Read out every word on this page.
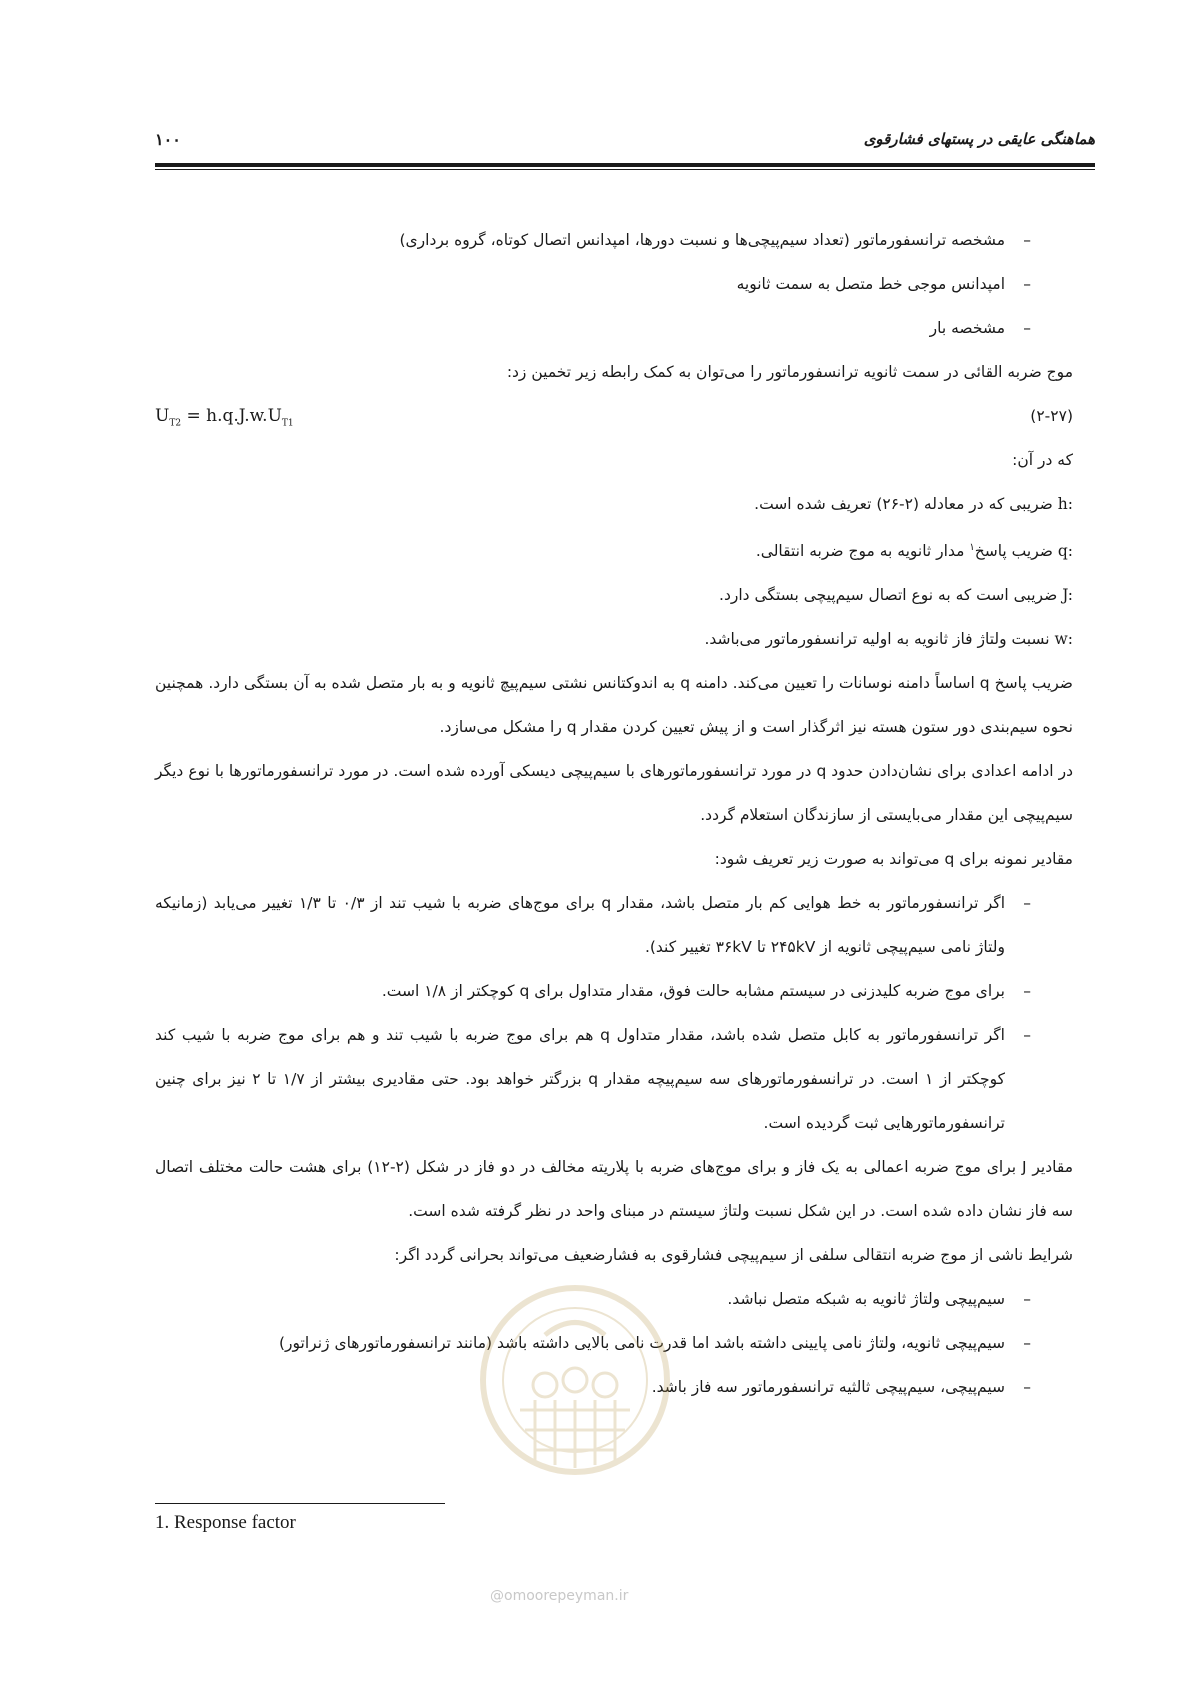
هماهنگی عایقی در پستهای فشارقوی
۱۰۰
–
مشخصه ترانسفورماتور (تعداد سیم‌پیچی‌ها و نسبت دورها، امپدانس اتصال کوتاه، گروه برداری)
–
امپدانس موجی خط متصل به سمت ثانویه
–
مشخصه بار

موج ضربه القائی در سمت ثانویه ترانسفورماتور را می‌توان به کمک رابطه زیر تخمین زد:

$U_{T2} = h.q.J.w.U_{T1}$	(۲-۲۷)

که در آن:

h: ضریبی که در معادله (۲-۲۶) تعریف شده است.

q: ضریب پاسخ$^۱$ مدار ثانویه به موج ضربه انتقالی.

J: ضریبی است که به نوع اتصال سیم‌پیچی بستگی دارد.

w: نسبت ولتاژ فاز ثانویه به اولیه ترانسفورماتور می‌باشد.

ضریب پاسخ q اساساً دامنه نوسانات را تعیین می‌کند. دامنه q به اندوکتانس نشتی سیم‌پیچ ثانویه و به بار متصل شده به آن بستگی دارد. همچنین نحوه سیم‌بندی دور ستون هسته نیز اثرگذار است و از پیش تعیین کردن مقدار q را مشکل می‌سازد.

در ادامه اعدادی برای نشان‌دادن حدود q در مورد ترانسفورماتورهای با سیم‌پیچی دیسکی آورده شده است. در مورد ترانسفورماتورها با نوع دیگر سیم‌پیچی این مقدار می‌بایستی از سازندگان استعلام گردد.

مقادیر نمونه برای q می‌تواند به صورت زیر تعریف شود:

–
اگر ترانسفورماتور به خط هوایی کم بار متصل باشد، مقدار q برای موج‌های ضربه با شیب تند از ۰/۳ تا ۱/۳ تغییر می‌یابد (زمانیکه ولتاژ نامی سیم‌پیچی ثانویه از ۲۴۵kV تا ۳۶kV تغییر کند).
–
برای موج ضربه کلیدزنی در سیستم مشابه حالت فوق، مقدار متداول برای q کوچکتر از ۱/۸ است.
–
اگر ترانسفورماتور به کابل متصل شده باشد، مقدار متداول q هم برای موج ضربه با شیب تند و هم برای موج ضربه با شیب کند کوچکتر از ۱ است. در ترانسفورماتورهای سه سیم‌پیچه مقدار q بزرگتر خواهد بود. حتی مقادیری بیشتر از ۱/۷ تا ۲ نیز برای چنین ترانسفورماتورهایی ثبت گردیده است.

مقادیر J برای موج ضربه اعمالی به یک فاز و برای موج‌های ضربه با پلاریته مخالف در دو فاز در شکل (۲-۱۲) برای هشت حالت مختلف اتصال سه فاز نشان داده شده است. در این شکل نسبت ولتاژ سیستم در مبنای واحد در نظر گرفته شده است.

شرایط ناشی از موج ضربه انتقالی سلفی از سیم‌پیچی فشارقوی به فشارضعیف می‌تواند بحرانی گردد اگر:

–
سیم‌پیچی ولتاژ ثانویه به شبکه متصل نباشد.
–
سیم‌پیچی ثانویه، ولتاژ نامی پایینی داشته باشد اما قدرت نامی بالایی داشته باشد (مانند ترانسفورماتورهای ژنراتور)
–
سیم‌پیچی، سیم‌پیچی ثالثیه ترانسفورماتور سه فاز باشد.
1. Response factor
@omoorepeyman.ir
